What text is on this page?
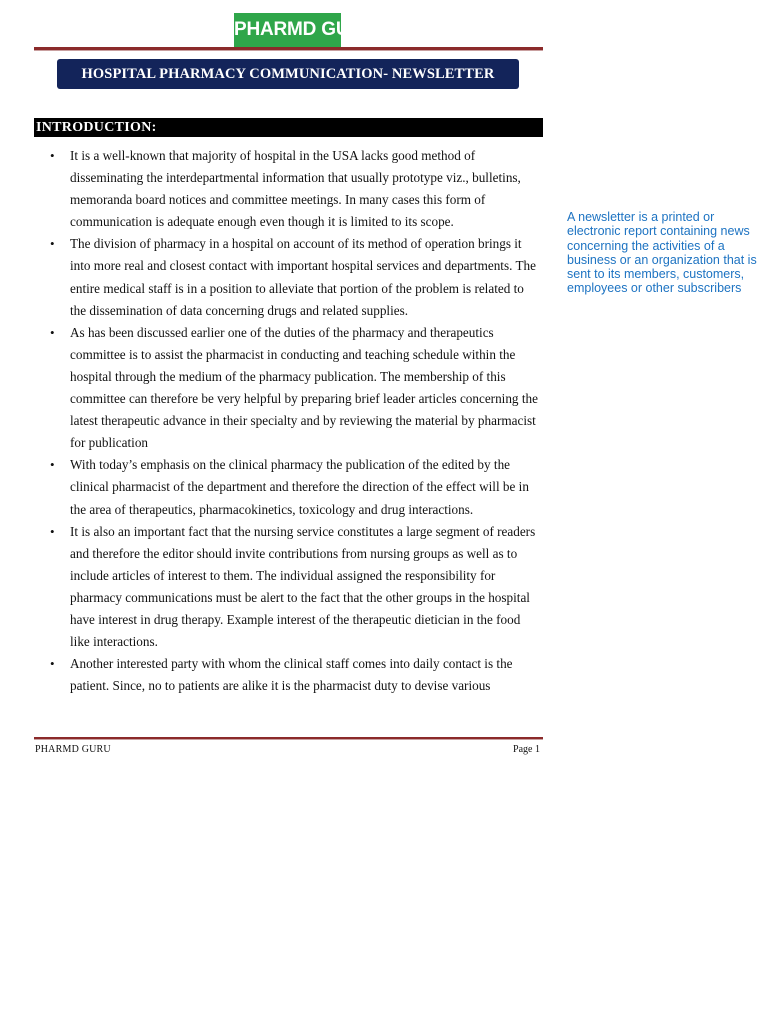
PHARMD GURU
HOSPITAL PHARMACY COMMUNICATION- NEWSLETTER
INTRODUCTION:
• It is a well-known that majority of hospital in the USA lacks good method of disseminating the interdepartmental information that usually prototype viz., bulletins, memoranda board notices and committee meetings. In many cases this form of communication is adequate enough even though it is limited to its scope.
• The division of pharmacy in a hospital on account of its method of operation brings it into more real and closest contact with important hospital services and departments. The entire medical staff is in a position to alleviate that portion of the problem is related to the dissemination of data concerning drugs and related supplies.
• As has been discussed earlier one of the duties of the pharmacy and therapeutics committee is to assist the pharmacist in conducting and teaching schedule within the hospital through the medium of the pharmacy publication. The membership of this committee can therefore be very helpful by preparing brief leader articles concerning the latest therapeutic advance in their specialty and by reviewing the material by pharmacist for publication
• With today’s emphasis on the clinical pharmacy the publication of the edited by the clinical pharmacist of the department and therefore the direction of the effect will be in the area of therapeutics, pharmacokinetics, toxicology and drug interactions.
• It is also an important fact that the nursing service constitutes a large segment of readers and therefore the editor should invite contributions from nursing groups as well as to include articles of interest to them. The individual assigned the responsibility for pharmacy communications must be alert to the fact that the other groups in the hospital have interest in drug therapy. Example interest of the therapeutic dietician in the food like interactions.
• Another interested party with whom the clinical staff comes into daily contact is the patient. Since, no to patients are alike it is the pharmacist duty to devise various
A newsletter is a printed or electronic report containing news concerning the activities of a business or an organization that is sent to its members, customers, employees or other subscribers
PHARMD GURU	Page 1
